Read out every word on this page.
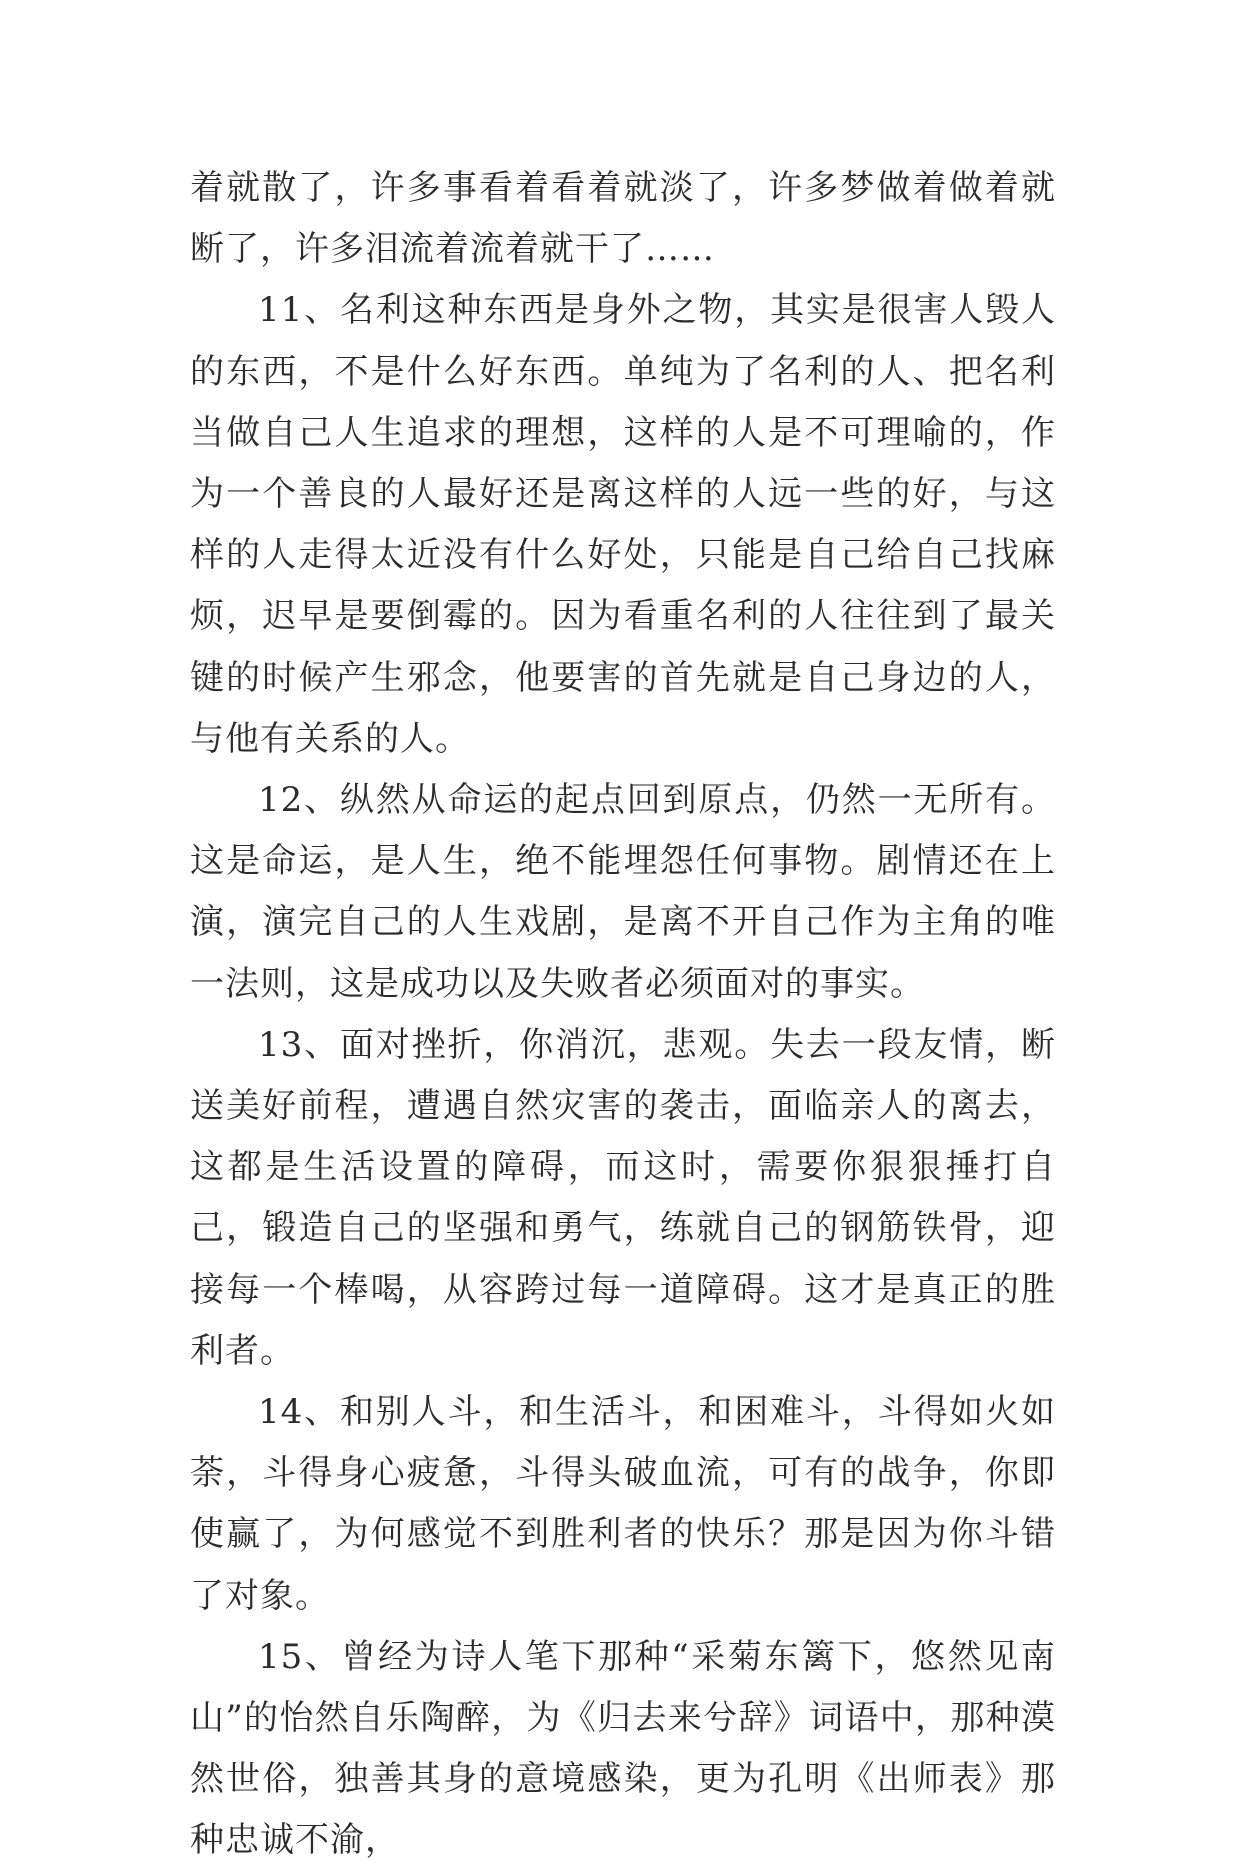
着就散了，许多事看着看着就淡了，许多梦做着做着就断了，许多泪流着流着就干了……

11、名利这种东西是身外之物，其实是很害人毁人的东西，不是什么好东西。单纯为了名利的人、把名利当做自己人生追求的理想，这样的人是不可理喻的，作为一个善良的人最好还是离这样的人远一些的好，与这样的人走得太近没有什么好处，只能是自己给自己找麻烦，迟早是要倒霉的。因为看重名利的人往往到了最关键的时候产生邪念，他要害的首先就是自己身边的人，与他有关系的人。

12、纵然从命运的起点回到原点，仍然一无所有。这是命运，是人生，绝不能埋怨任何事物。剧情还在上演，演完自己的人生戏剧，是离不开自己作为主角的唯一法则，这是成功以及失败者必须面对的事实。

13、面对挫折，你消沉，悲观。失去一段友情，断送美好前程，遭遇自然灾害的袭击，面临亲人的离去，这都是生活设置的障碍，而这时，需要你狠狠捶打自己，锻造自己的坚强和勇气，练就自己的钢筋铁骨，迎接每一个棒喝，从容跨过每一道障碍。这才是真正的胜利者。

14、和别人斗，和生活斗，和困难斗，斗得如火如荼，斗得身心疲惫，斗得头破血流，可有的战争，你即使赢了，为何感觉不到胜利者的快乐？那是因为你斗错了对象。

15、曾经为诗人笔下那种“采菊东篱下，悠然见南山”的怡然自乐陶醉，为《归去来兮辞》词语中，那种漠然世俗，独善其身的意境感染，更为孔明《出师表》那种忠诚不渝，
